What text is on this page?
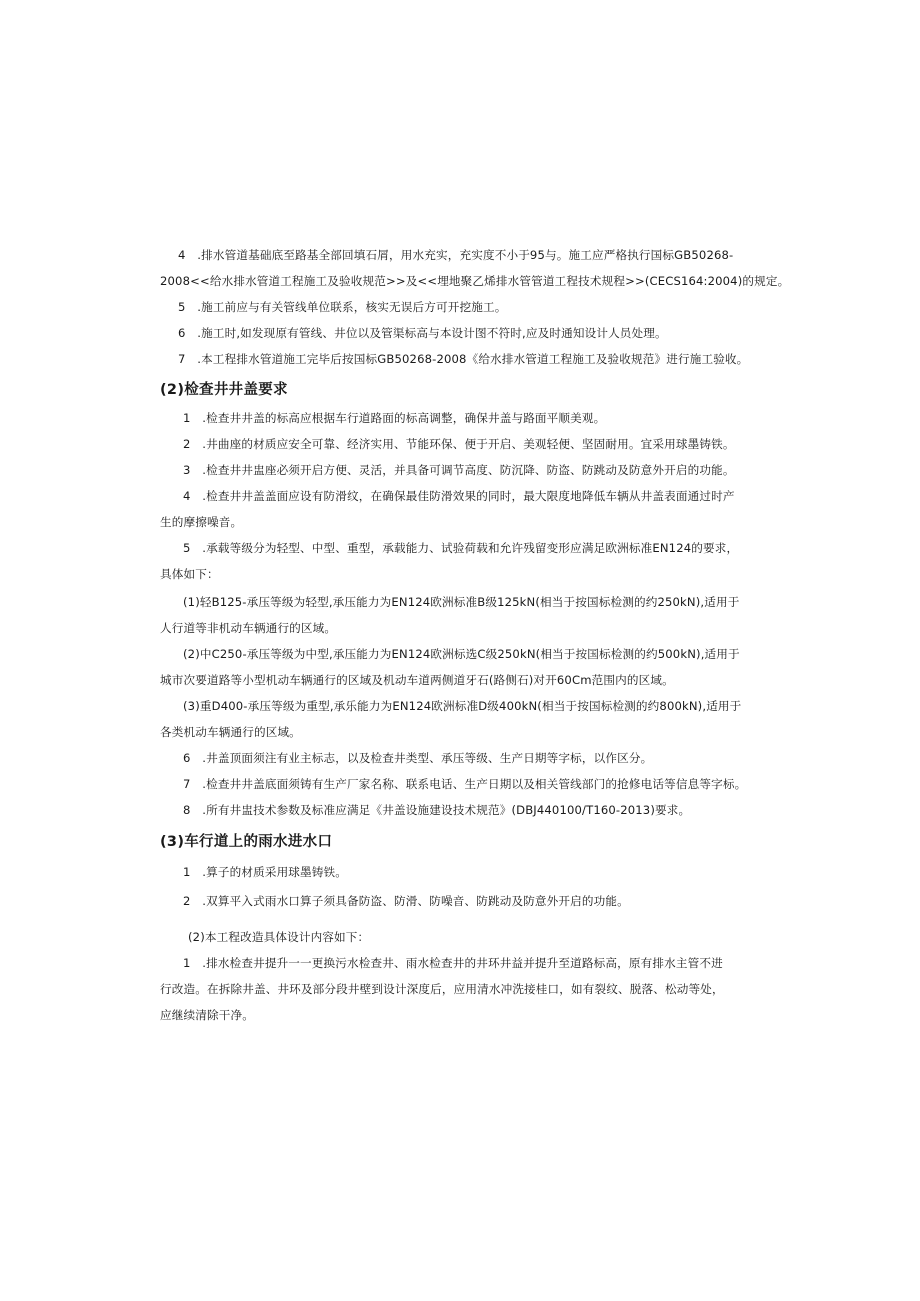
4　.排水管道基础底至路基全部回填石屑，用水充实，充实度不小于95与。施工应严格执行国标GB50268-
2008<<给水排水管道工程施工及验收规范>>及<<埋地聚乙烯排水管管道工程技术规程>>(CECS164:2004)的规定。
5　.施工前应与有关管线单位联系，核实无误后方可开挖施工。
6　.施工时,如发现原有管线、井位以及管渠标高与本设计图不符时,应及时通知设计人员处理。
7　.本工程排水管道施工完毕后按国标GB50268-2008《给水排水管道工程施工及验收规范》进行施工验收。
(2)检查井井盖要求
1　.检查井井盖的标高应根据车行道路面的标高调整，确保井盖与路面平顺美观。
2　.井曲座的材质应安全可靠、经济实用、节能环保、便于开启、美观轻便、坚固耐用。宜采用球墨铸铁。
3　.检查井井盅座必须开启方便、灵活，并具备可调节高度、防沉降、防盗、防跳动及防意外开启的功能。
4　.检查井井盖盖面应设有防滑纹，在确保最佳防滑效果的同时，最大限度地降低车辆从井盖表面通过时产
生的摩擦噪音。
5　.承载等级分为轻型、中型、重型，承载能力、试验荷载和允许残留变形应满足欧洲标准EN124的要求，
具体如下：
(1)轻B125-承压等级为轻型,承压能力为EN124欧洲标准B级125kN(相当于按国标检测的约250kN),适用于
人行道等非机动车辆通行的区域。
(2)中C250-承压等级为中型,承压能力为EN124欧洲标选C级250kN(相当于按国标检测的约500kN),适用于
城市次要道路等小型机动车辆通行的区域及机动车道两侧道牙石(路侧石)对开60Cm范围内的区域。
(3)重D400-承压等级为重型,承乐能力为EN124欧洲标准D级400kN(相当于按国标检测的约800kN),适用于
各类机动车辆通行的区域。
6　.井盖顶面须注有业主标志，以及检查井类型、承压等级、生产日期等字标，以作区分。
7　.检查井井盖底面须铸有生产厂家名称、联系电话、生产日期以及相关管线部门的抢修电话等信息等字标。
8　.所有井盅技术参数及标准应满足《井盖设施建设技术规范》(DBJ440100/T160-2013)要求。
(3)车行道上的雨水进水口
1　.算子的材质采用球墨铸铁。
2　.双算平入式雨水口算子须具备防盗、防滑、防噪音、防跳动及防意外开启的功能。
(2)本工程改造具体设计内容如下：
1　.排水检查井提升一一更换污水检查井、雨水检查井的井环井益并提升至道路标高，原有排水主管不进
行改造。在拆除井盖、井环及部分段井壁到设计深度后，应用清水冲洗接桂口，如有裂纹、脱落、松动等处，
应继续清除干净。
